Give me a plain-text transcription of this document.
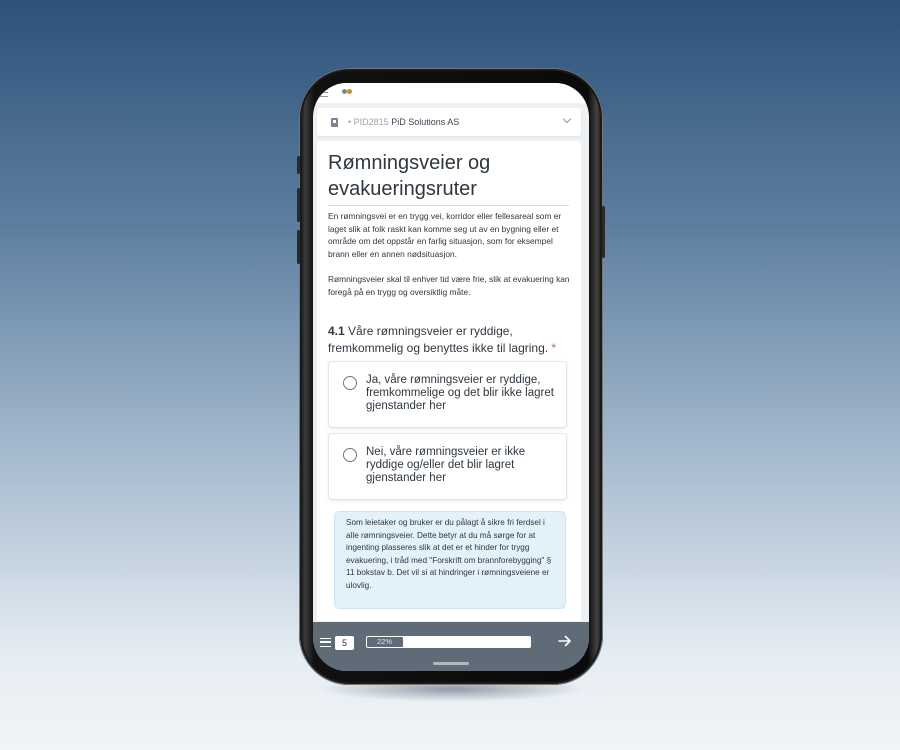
• PID2815 PiD Solutions AS
Rømningsveier og evakueringsruter

En rømningsvei er en trygg vei, korridor eller fellesareal som er laget slik at folk raskt kan komme seg ut av en bygning eller et område om det oppstår en farlig situasjon, som for eksempel brann eller en annen nødsituasjon.

Rømningsveier skal til enhver tid være frie, slik at evakuering kan foregå på en trygg og oversiktlig måte.

4.1 Våre rømningsveier er ryddige, fremkommelig og benyttes ikke til lagring. *

Ja, våre rømningsveier er ryddige, fremkommelige og det blir ikke lagret gjenstander her
Nei, våre rømningsveier er ikke ryddige og/eller det blir lagret gjenstander her

Som leietaker og bruker er du pålagt å sikre fri ferdsel i alle rømningsveier. Dette betyr at du må sørge for at ingenting plasseres slik at det er et hinder for trygg evakuering, i tråd med "Forskrift om brannforebygging" § 11 bokstav b. Det vil si at hindringer i rømningsveiene er ulovlig.

5	22%
